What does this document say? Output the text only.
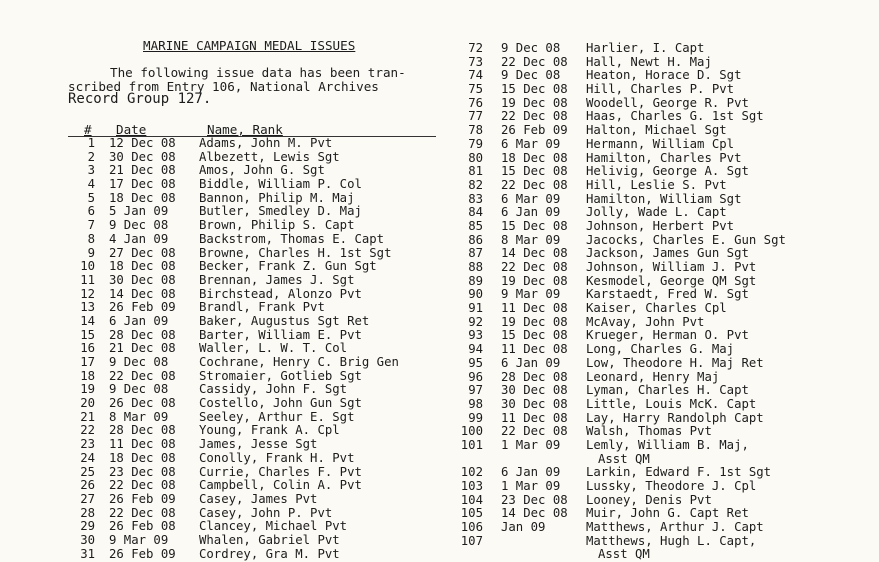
MARINE CAMPAIGN MEDAL ISSUES
The following issue data has been tran-
scribed from Entry 106, National Archives
Record Group 127.
# Date	Name, Rank
1 12 Dec 08 Adams, John M. Pvt
2 30 Dec 08 Albezett, Lewis Sgt
3 21 Dec 08 Amos, John G. Sgt
4 17 Dec 08 Biddle, William P. Col
5 18 Dec 08 Bannon, Philip M. Maj
6 5 Jan 09	Butler, Smedley D. Maj
7 9 Dec 08	Brown, Philip S. Capt
8 4 Jan 09	Backstrom, Thomas E. Capt
9 27 Dec 08 Browne, Charles H. 1st Sgt
10 18 Dec 08 Becker, Frank Z. Gun Sgt
11 30 Dec 08 Brennan, James J. Sgt
12 14 Dec 08 Birchstead, Alonzo Pvt
13 26 Feb 09 Brandl, Frank Pvt
14 6 Jan 09	Baker, Augustus Sgt Ret
15 28 Dec 08 Barter, William E. Pvt
16 21 Dec 08 Waller, L. W. T. Col
17 9 Dec 08	Cochrane, Henry C. Brig Gen
18 22 Dec 08 Stromaier, Gotlieb Sgt
19 9 Dec 08	Cassidy, John F. Sgt
20 26 Dec 08 Costello, John Gun Sgt
21 8 Mar 09	Seeley, Arthur E. Sgt
22 28 Dec 08 Young, Frank A. Cpl
23 11 Dec 08 James, Jesse Sgt
24 18 Dec 08 Conolly, Frank H. Pvt
25 23 Dec 08 Currie, Charles F. Pvt
26 22 Dec 08 Campbell, Colin A. Pvt
27 26 Feb 09 Casey, James Pvt
28 22 Dec 08 Casey, John P. Pvt
29 26 Feb 08 Clancey, Michael Pvt
30 9 Mar 09	Whalen, Gabriel Pvt
31 26 Feb 09 Cordrey, Gra M. Pvt
72 9 Dec 08 Harlier, I. Capt
73 22 Dec 08 Hall, Newt H. Maj
74 9 Dec 08 Heaton, Horace D. Sgt
75 15 Dec 08 Hill, Charles P. Pvt
76 19 Dec 08 Woodell, George R. Pvt
77 22 Dec 08 Haas, Charles G. 1st Sgt
78 26 Feb 09 Halton, Michael Sgt
79 6 Mar 09 Hermann, William Cpl
80 18 Dec 08 Hamilton, Charles Pvt
81 15 Dec 08 Helivig, George A. Sgt
82 22 Dec 08 Hill, Leslie S. Pvt
83 6 Mar 09 Hamilton, William Sgt
84 6 Jan 09 Jolly, Wade L. Capt
85 15 Dec 08 Johnson, Herbert Pvt
86 8 Mar 09 Jacocks, Charles E. Gun Sgt
87 14 Dec 08 Jackson, James Gun Sgt
88 22 Dec 08 Johnson, William J. Pvt
89 19 Dec 08 Kesmodel, George QM Sgt
90 9 Mar 09 Karstaedt, Fred W. Sgt
91 11 Dec 08 Kaiser, Charles Cpl
92 19 Dec 08 McAvay, John Pvt
93 15 Dec 08 Krueger, Herman O. Pvt
94 11 Dec 08 Long, Charles G. Maj
95 6 Jan 09 Low, Theodore H. Maj Ret
96 28 Dec 08 Leonard, Henry Maj
97 30 Dec 08 Lyman, Charles H. Capt
98 30 Dec 08 Little, Louis McK. Capt
99 11 Dec 08 Lay, Harry Randolph Capt
100 22 Dec 08 Walsh, Thomas Pvt
101 1 Mar 09 Lemly, William B. Maj,
Asst QM
102 6 Jan 09 Larkin, Edward F. 1st Sgt
103 1 Mar 09 Lussky, Theodore J. Cpl
104 23 Dec 08 Looney, Denis Pvt
105 14 Dec 08 Muir, John G. Capt Ret
106 Jan 09	Matthews, Arthur J. Capt
107	Matthews, Hugh L. Capt,
Asst QM
